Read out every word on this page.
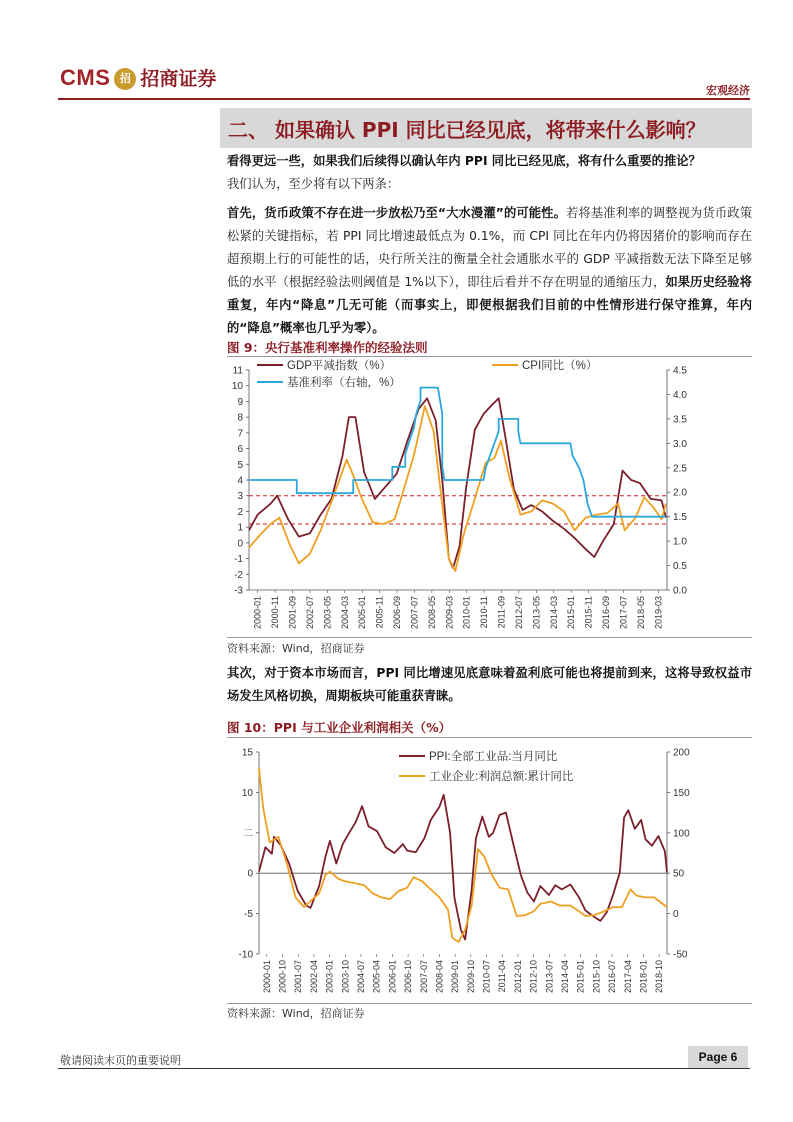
CMS 招 招商证券
宏观经济
二、 如果确认 PPI 同比已经见底，将带来什么影响？

看得更远一些，如果我们后续得以确认年内 PPI 同比已经见底，将有什么重要的推论？
我们认为，至少将有以下两条：

首先，货币政策不存在进一步放松乃至“大水漫灌”的可能性。若将基准利率的调整视为货币政策松紧的关键指标，若 PPI 同比增速最低点为 0.1%，而 CPI 同比在年内仍将因猪价的影响而存在超预期上行的可能性的话，央行所关注的衡量全社会通胀水平的 GDP 平减指数无法下降至足够低的水平（根据经验法则阈值是 1%以下），即往后看并不存在明显的通缩压力，如果历史经验将重复，年内“降息”几无可能（而事实上，即便根据我们目前的中性情形进行保守推算，年内的“降息”概率也几乎为零）。

图 9：央行基准利率操作的经验法则
-3
-2
-1
0
1
2
3
4
5
6
7
8
9
10
11
0.0
0.5
1.0
1.5
2.0
2.5
3.0
3.5
4.0
4.5
2000-01 2000-11 2001-09 2002-07 2003-05 2004-03 2005-01 2005-11 2006-09 2007-07 2008-05 2009-03 2010-01 2010-11 2011-09 2012-07 2013-05 2014-03 2015-01 2015-11 2016-09 2017-07 2018-05 2019-03
GDP平减指数（%）	CPI同比（%）
基准利率（右轴，%）
资料来源：Wind，招商证券

其次，对于资本市场而言，PPI 同比增速见底意味着盈利底可能也将提前到来，这将导致权益市场发生风格切换，周期板块可能重获青睐。

图 10：PPI 与工业企业利润相关（%）
-10
-5
0
二
10
15
-50
0
50
100
150
200
2000-01 2000-10 2001-07 2002-04 2003-01 2003-10 2004-07 2005-04 2006-01 2006-10 2007-07 2008-04 2009-01 2009-10 2010-07 2011-04 2012-01 2012-10 2013-07 2014-04 2015-01 2015-10 2016-07 2017-04 2018-01 2018-10
PPI:全部工业品:当月同比
工业企业:利润总额:累计同比
资料来源：Wind，招商证券
敬请阅读末页的重要说明	Page 6
